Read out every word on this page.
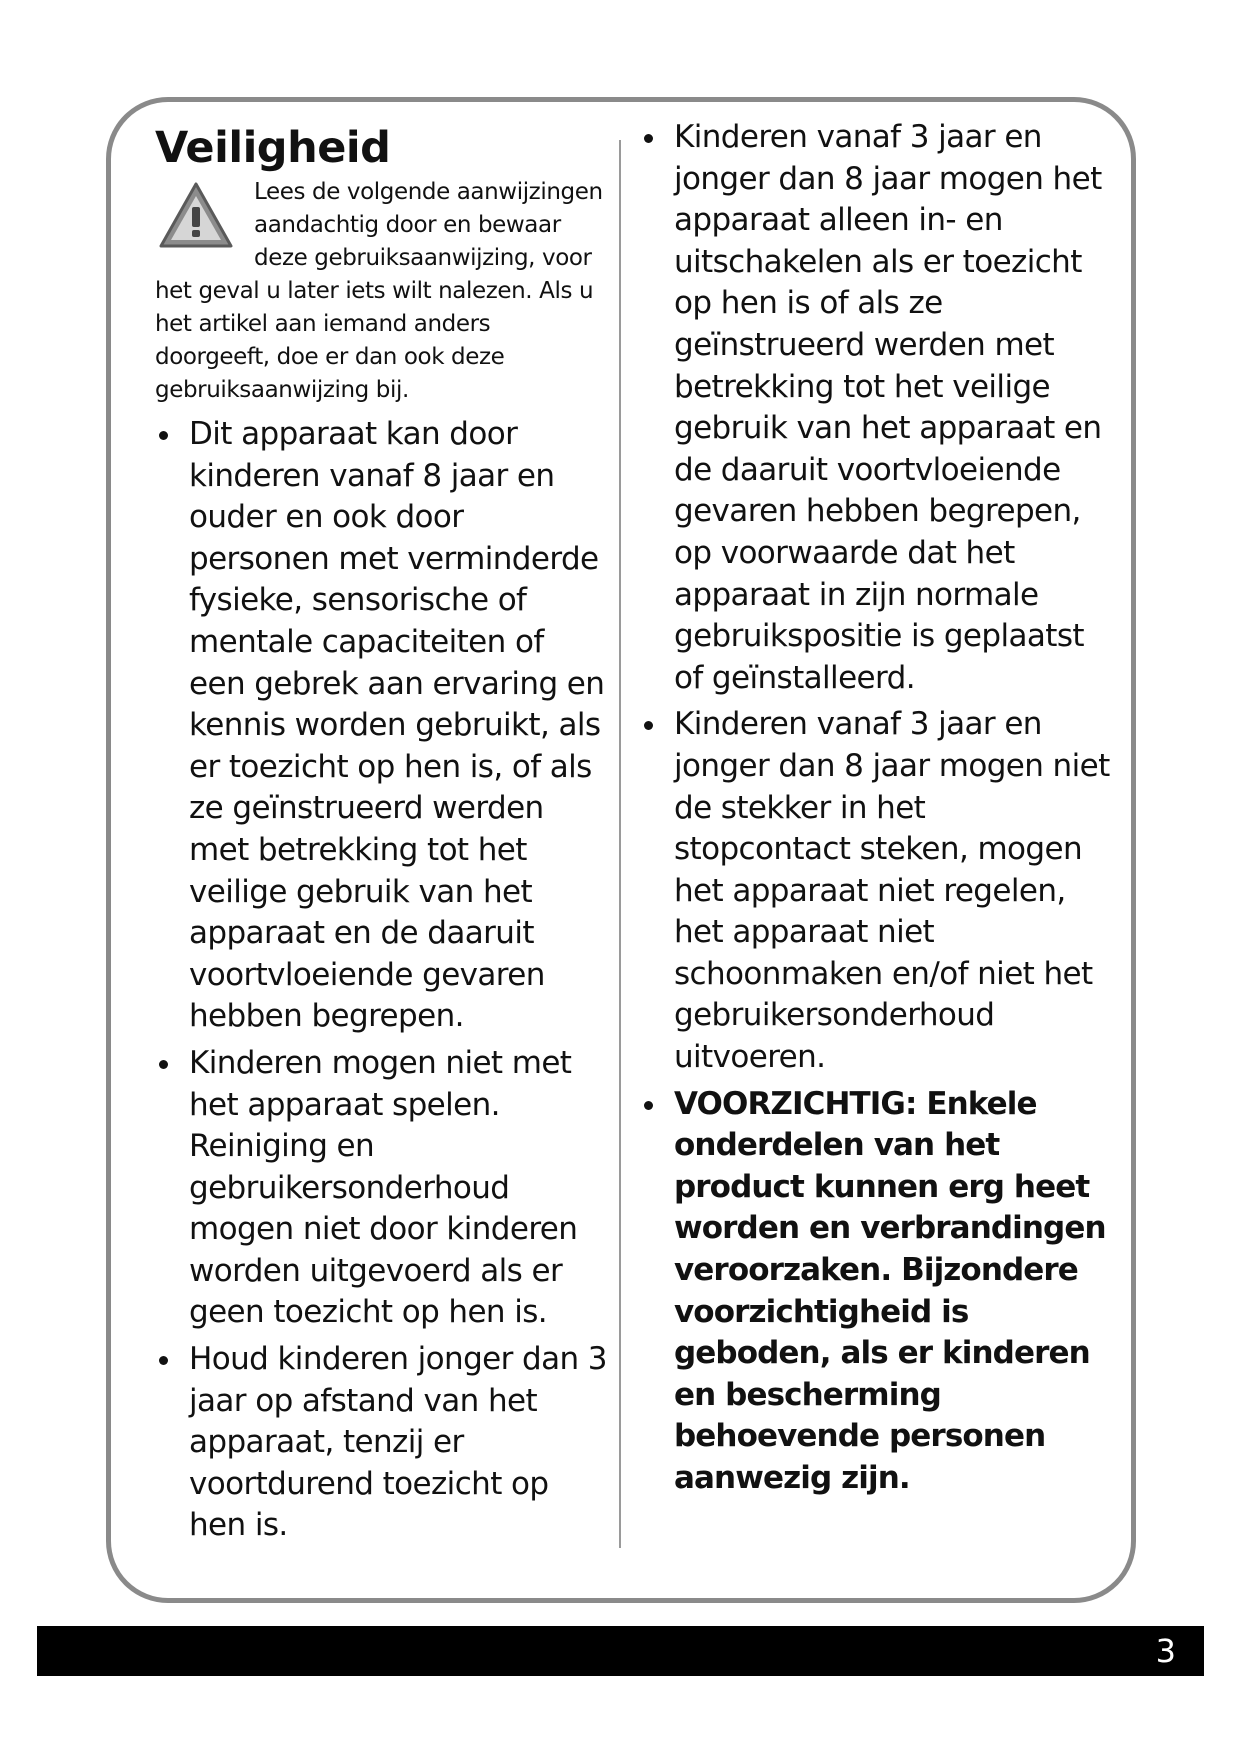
Veiligheid

Lees de volgende aanwijzingen aandachtig door en bewaar deze gebruiksaanwijzing, voor het geval u later iets wilt nalezen. Als u het artikel aan iemand anders doorgeeft, doe er dan ook deze gebruiksaanwijzing bij.

Dit apparaat kan door kinderen vanaf 8 jaar en ouder en ook door personen met verminderde fysieke, sensorische of mentale capaciteiten of een gebrek aan ervaring en kennis worden gebruikt, als er toezicht op hen is, of als ze geïnstrueerd werden met betrekking tot het veilige gebruik van het apparaat en de daaruit voortvloeiende gevaren hebben begrepen.
Kinderen mogen niet met het apparaat spelen. Reiniging en gebruikersonderhoud mogen niet door kinderen worden uitgevoerd als er geen toezicht op hen is.
Houd kinderen jonger dan 3 jaar op afstand van het apparaat, tenzij er voortdurend toezicht op hen is.
Kinderen vanaf 3 jaar en jonger dan 8 jaar mogen het apparaat alleen in- en uitschakelen als er toezicht op hen is of als ze geïnstrueerd werden met betrekking tot het veilige gebruik van het apparaat en de daaruit voortvloeiende gevaren hebben begrepen, op voorwaarde dat het apparaat in zijn normale gebruikspositie is geplaatst of geïnstalleerd.
Kinderen vanaf 3 jaar en jonger dan 8 jaar mogen niet de stekker in het stopcontact steken, mogen het apparaat niet regelen, het apparaat niet schoonmaken en/of niet het gebruikersonderhoud uitvoeren.
VOORZICHTIG: Enkele onderdelen van het product kunnen erg heet worden en verbrandingen veroorzaken. Bijzondere voorzichtigheid is geboden, als er kinderen en bescherming behoevende personen aanwezig zijn.
3
